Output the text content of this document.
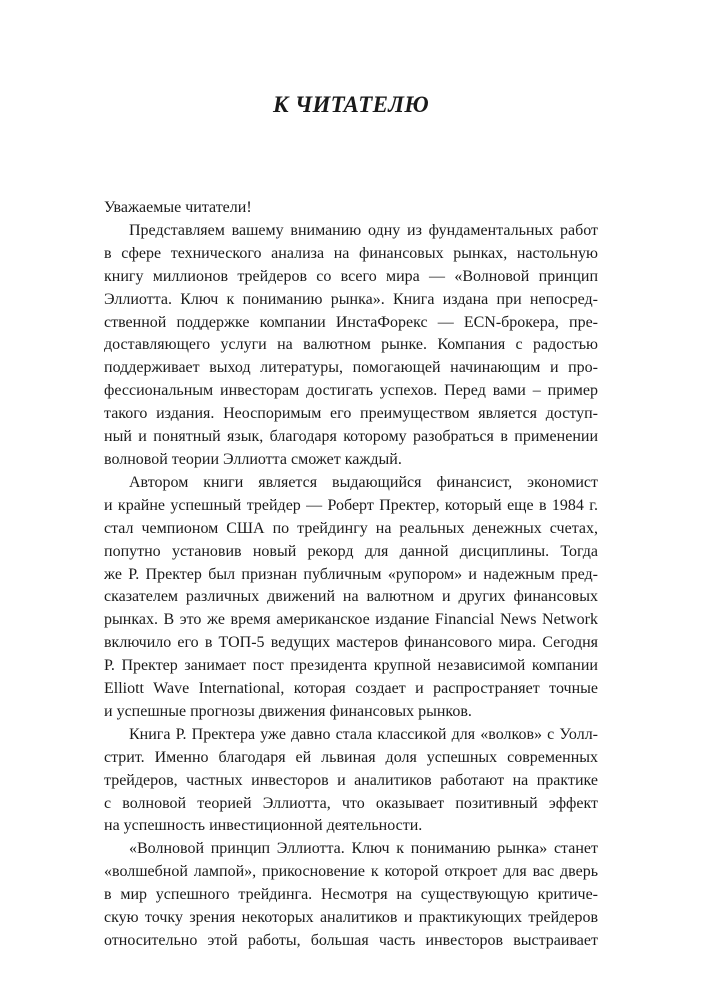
К ЧИТАТЕЛЮ
Уважаемые читатели!
Представляем вашему вниманию одну из фундаментальных работ
в сфере технического анализа на финансовых рынках, настольную
книгу миллионов трейдеров со всего мира — «Волновой принцип
Эллиотта. Ключ к пониманию рынка». Книга издана при непосред-
ственной поддержке компании ИнстаФорекс — ECN-брокера, пре-
доставляющего услуги на валютном рынке. Компания с радостью
поддерживает выход литературы, помогающей начинающим и про-
фессиональным инвесторам достигать успехов. Перед вами – пример
такого издания. Неоспоримым его преимуществом является доступ-
ный и понятный язык, благодаря которому разобраться в применении
волновой теории Эллиотта сможет каждый.
Автором книги является выдающийся финансист, экономист
и крайне успешный трейдер — Роберт Пректер, который еще в 1984 г.
стал чемпионом США по трейдингу на реальных денежных счетах,
попутно установив новый рекорд для данной дисциплины. Тогда
же Р. Пректер был признан публичным «рупором» и надежным пред-
сказателем различных движений на валютном и других финансовых
рынках. В это же время американское издание Financial News Network
включило его в ТОП-5 ведущих мастеров финансового мира. Сегодня
Р. Пректер занимает пост президента крупной независимой компании
Elliott Wave International, которая создает и распространяет точные
и успешные прогнозы движения финансовых рынков.
Книга Р. Пректера уже давно стала классикой для «волков» с Уолл-
стрит. Именно благодаря ей львиная доля успешных современных
трейдеров, частных инвесторов и аналитиков работают на практике
с волновой теорией Эллиотта, что оказывает позитивный эффект
на успешность инвестиционной деятельности.
«Волновой принцип Эллиотта. Ключ к пониманию рынка» станет
«волшебной лампой», прикосновение к которой откроет для вас дверь
в мир успешного трейдинга. Несмотря на существующую критиче-
скую точку зрения некоторых аналитиков и практикующих трейдеров
относительно этой работы, большая часть инвесторов выстраивает
